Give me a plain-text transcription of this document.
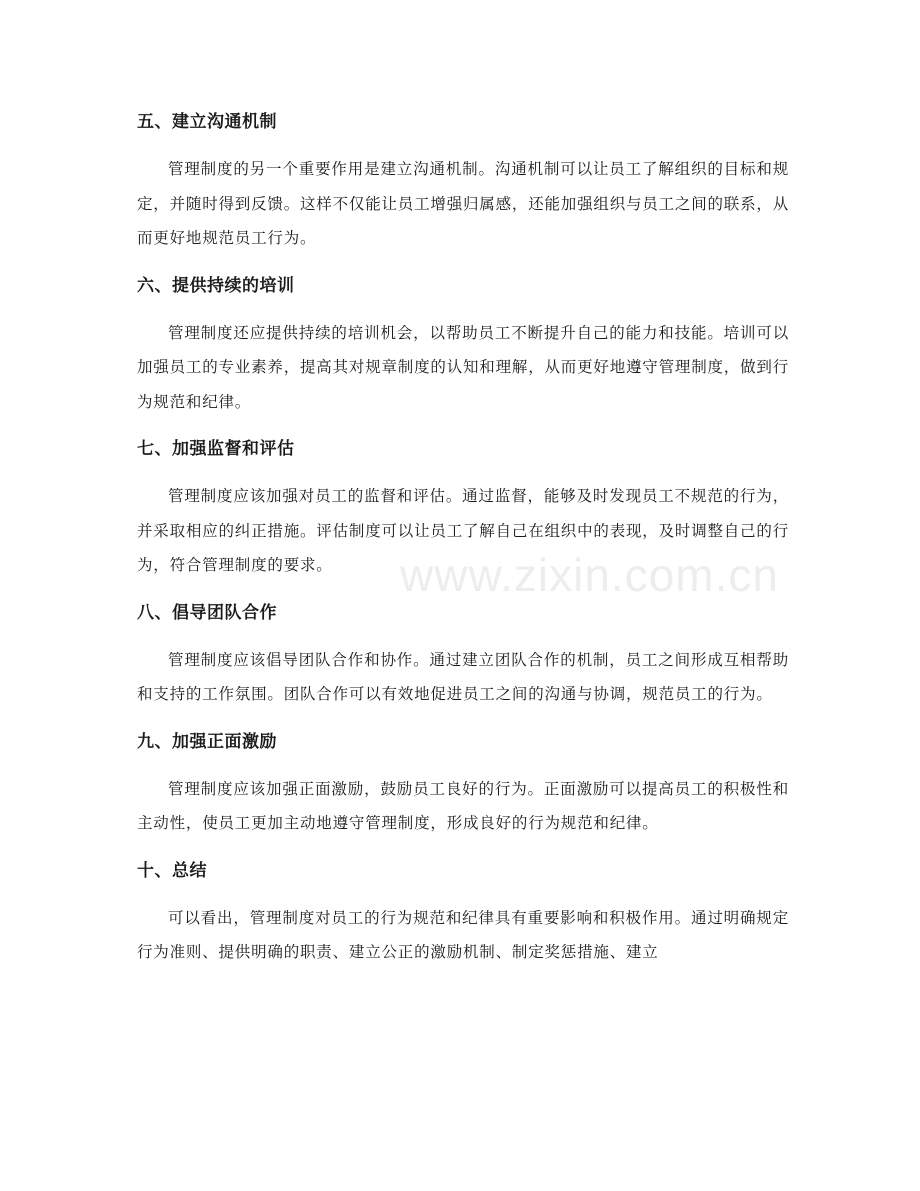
五、建立沟通机制

管理制度的另一个重要作用是建立沟通机制。沟通机制可以让员工了解组织的目标和规定，并随时得到反馈。这样不仅能让员工增强归属感，还能加强组织与员工之间的联系，从而更好地规范员工行为。

六、提供持续的培训

管理制度还应提供持续的培训机会，以帮助员工不断提升自己的能力和技能。培训可以加强员工的专业素养，提高其对规章制度的认知和理解，从而更好地遵守管理制度，做到行为规范和纪律。

七、加强监督和评估

管理制度应该加强对员工的监督和评估。通过监督，能够及时发现员工不规范的行为，并采取相应的纠正措施。评估制度可以让员工了解自己在组织中的表现，及时调整自己的行为，符合管理制度的要求。

八、倡导团队合作

管理制度应该倡导团队合作和协作。通过建立团队合作的机制，员工之间形成互相帮助和支持的工作氛围。团队合作可以有效地促进员工之间的沟通与协调，规范员工的行为。

九、加强正面激励

管理制度应该加强正面激励，鼓励员工良好的行为。正面激励可以提高员工的积极性和主动性，使员工更加主动地遵守管理制度，形成良好的行为规范和纪律。

十、总结

可以看出，管理制度对员工的行为规范和纪律具有重要影响和积极作用。通过明确规定行为准则、提供明确的职责、建立公正的激励机制、制定奖惩措施、建立

www.zixin.com.cn
